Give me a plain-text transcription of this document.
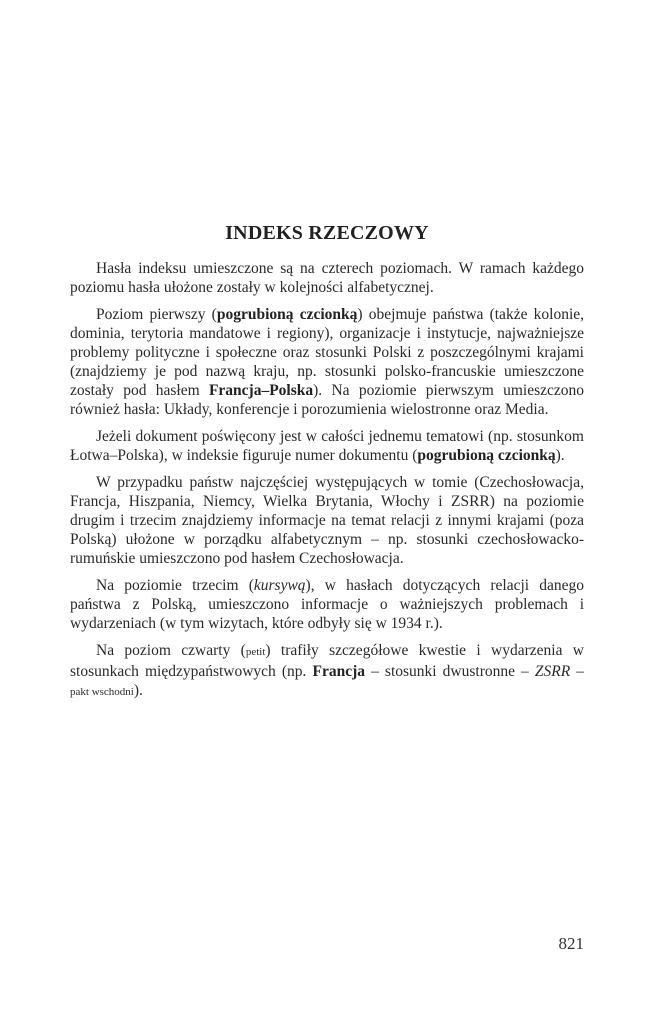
INDEKS RZECZOWY

Hasła indeksu umieszczone są na czterech poziomach. W ramach każdego poziomu hasła ułożone zostały w kolejności alfabetycznej.

Poziom pierwszy (pogrubioną czcionką) obejmuje państwa (także kolonie, dominia, terytoria mandatowe i regiony), organizacje i instytucje, najważniejsze problemy polityczne i społeczne oraz stosunki Polski z poszczególnymi krajami (znajdziemy je pod nazwą kraju, np. stosunki polsko-francuskie umieszczone zostały pod hasłem Francja–Polska). Na poziomie pierwszym umieszczono również hasła: Układy, konferencje i porozumienia wielostronne oraz Media.

Jeżeli dokument poświęcony jest w całości jednemu tematowi (np. stosunkom Łotwa–Polska), w indeksie figuruje numer dokumentu (pogrubioną czcionką).

W przypadku państw najczęściej występujących w tomie (Czechosłowacja, Francja, Hiszpania, Niemcy, Wielka Brytania, Włochy i ZSRR) na poziomie drugim i trzecim znajdziemy informacje na temat relacji z innymi krajami (poza Polską) ułożone w porządku alfabetycznym – np. stosunki czechosłowacko-rumuńskie umieszczono pod hasłem Czechosłowacja.

Na poziomie trzecim (kursywą), w hasłach dotyczących relacji danego państwa z Polską, umieszczono informacje o ważniejszych problemach i wydarzeniach (w tym wizytach, które odbyły się w 1934 r.).

Na poziom czwarty (petit) trafiły szczegółowe kwestie i wydarzenia w stosunkach międzypaństwowych (np. Francja – stosunki dwustronne – ZSRR – pakt wschodni).

821
